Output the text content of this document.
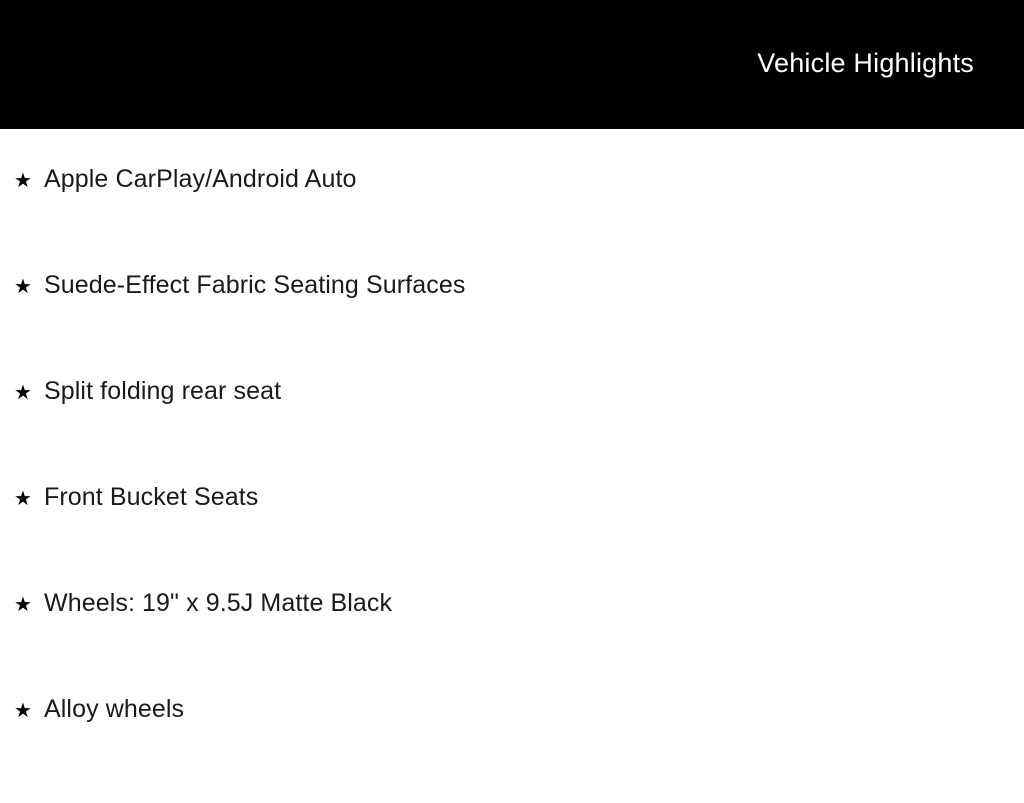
Vehicle Highlights
★ Apple CarPlay/Android Auto
★ Suede-Effect Fabric Seating Surfaces
★ Split folding rear seat
★ Front Bucket Seats
★ Wheels: 19" x 9.5J Matte Black
★ Alloy wheels
